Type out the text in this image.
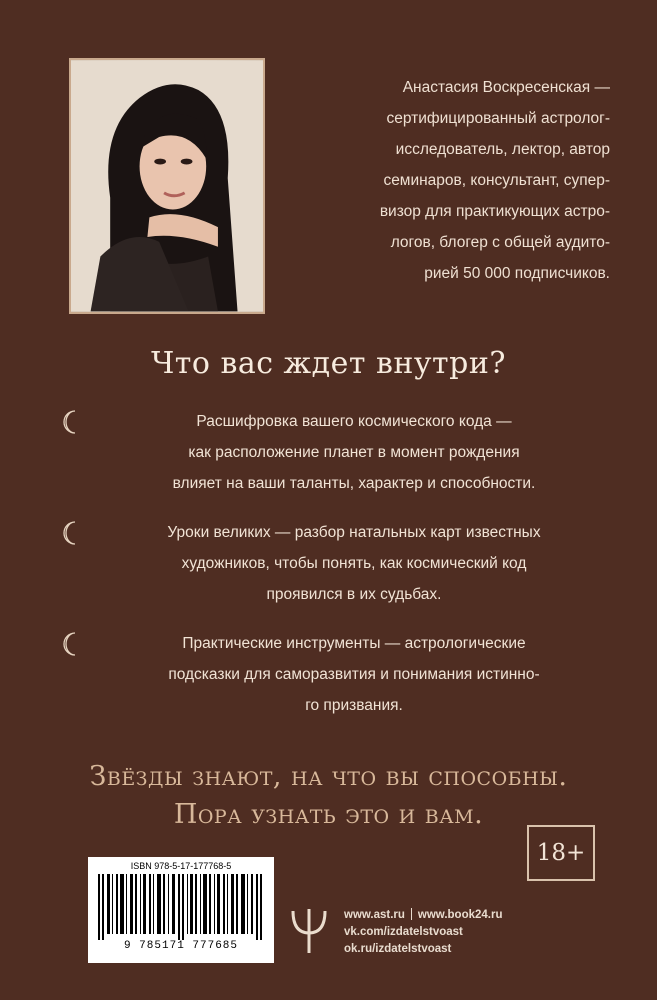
Анастасия Воскресенская —
сертифицированный астролог-
исследователь, лектор, автор
семинаров, консультант, супер-
визор для практикующих астро-
логов, блогер с общей аудито-
рией 50 000 подписчиков.
Что вас ждет внутри?
Расшифровка вашего космического кода —
как расположение планет в момент рождения
влияет на ваши таланты, характер и способности.
Уроки великих — разбор натальных карт известных
художников, чтобы понять, как космический код
проявился в их судьбах.
Практические инструменты — астрологические
подсказки для саморазвития и понимания истинно-
го призвания.
Звёзды знают, на что вы способны.
Пора узнать это и вам.
18+
ISBN 978-5-17-177768-5
9 785171 777685
www.ast.ru www.book24.ru
vk.com/izdatelstvoast
ok.ru/izdatelstvoast
